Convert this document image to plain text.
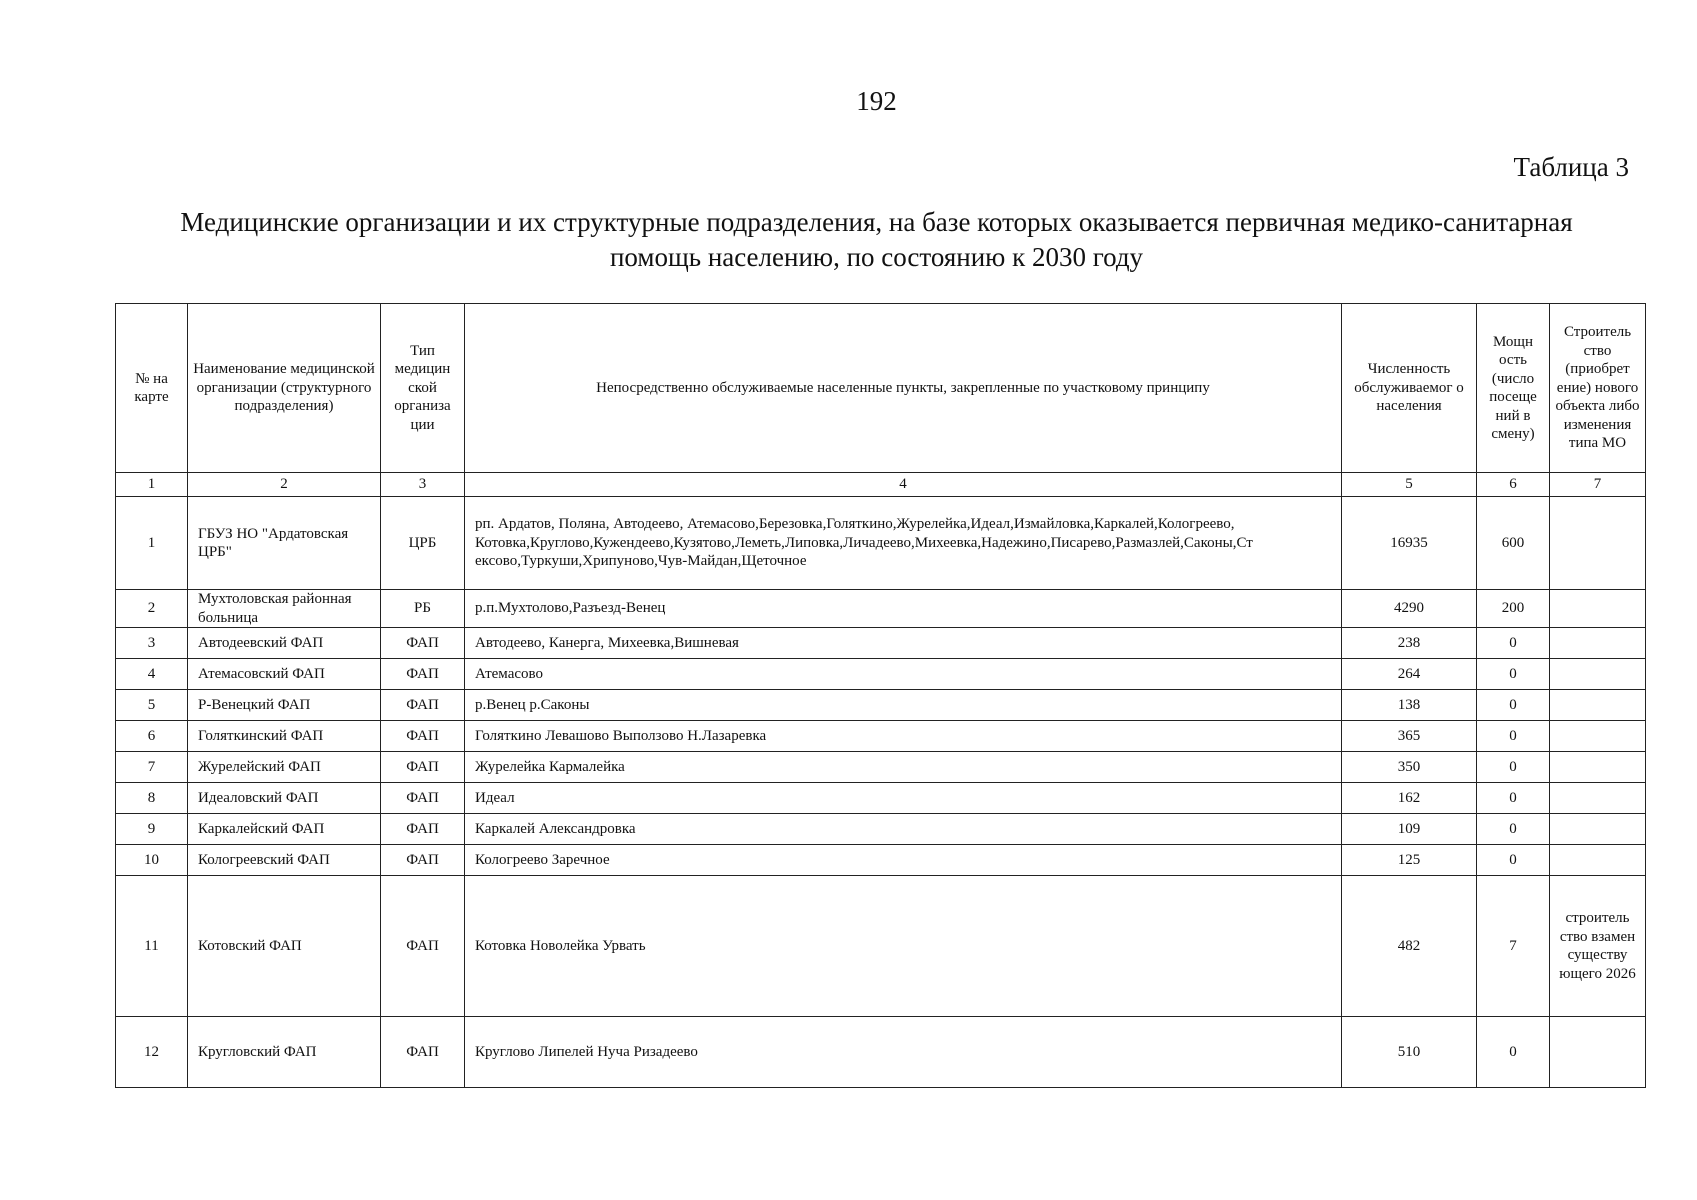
192
Таблица 3
Медицинские организации и их структурные подразделения, на базе которых оказывается первичная медико-санитарная
помощь населению, по состоянию к 2030 году
№ на карте	Наименование медицинской организации (структурного подразделения)	Тип медицин ской организа ции	Непосредственно обслуживаемые населенные пункты, закрепленные по участковому принципу	Численность обслуживаемог о населения	Мощн ость (число посеще ний в смену)	Строитель ство (приобрет ение) нового объекта либо изменения типа МО
1	2	3	4	5	6	7
1	ГБУЗ НО "Ардатовская ЦРБ"	ЦРБ	рп. Ардатов, Поляна, Автодеево, Атемасово,Березовка,Голяткино,Журелейка,Идеал,Измайловка,Каркалей,Кологреево, Котовка,Круглово,Кужендеево,Кузятово,Леметь,Липовка,Личадеево,Михеевка,Надежино,Писарево,Размазлей,Саконы,Ст ексово,Туркуши,Хрипуново,Чув-Майдан,Щеточное	16935	600	
2	Мухтоловская районная больница	РБ	р.п.Мухтолово,Разъезд-Венец	4290	200	
3	Автодеевский ФАП	ФАП	Автодеево, Канерга, Михеевка,Вишневая	238	0	
4	Атемасовский ФАП	ФАП	Атемасово	264	0	
5	Р-Венецкий ФАП	ФАП	р.Венец р.Саконы	138	0	
6	Голяткинский ФАП	ФАП	Голяткино Левашово Выползово Н.Лазаревка	365	0	
7	Журелейский ФАП	ФАП	Журелейка Кармалейка	350	0	
8	Идеаловский ФАП	ФАП	Идеал	162	0	
9	Каркалейский ФАП	ФАП	Каркалей Александровка	109	0	
10	Кологреевский ФАП	ФАП	Кологреево Заречное	125	0	
11	Котовский ФАП	ФАП	Котовка Новолейка Урвать	482	7	строитель ство взамен существу ющего 2026
12	Кругловский ФАП	ФАП	Круглово Липелей Нуча Ризадеево	510	0	
